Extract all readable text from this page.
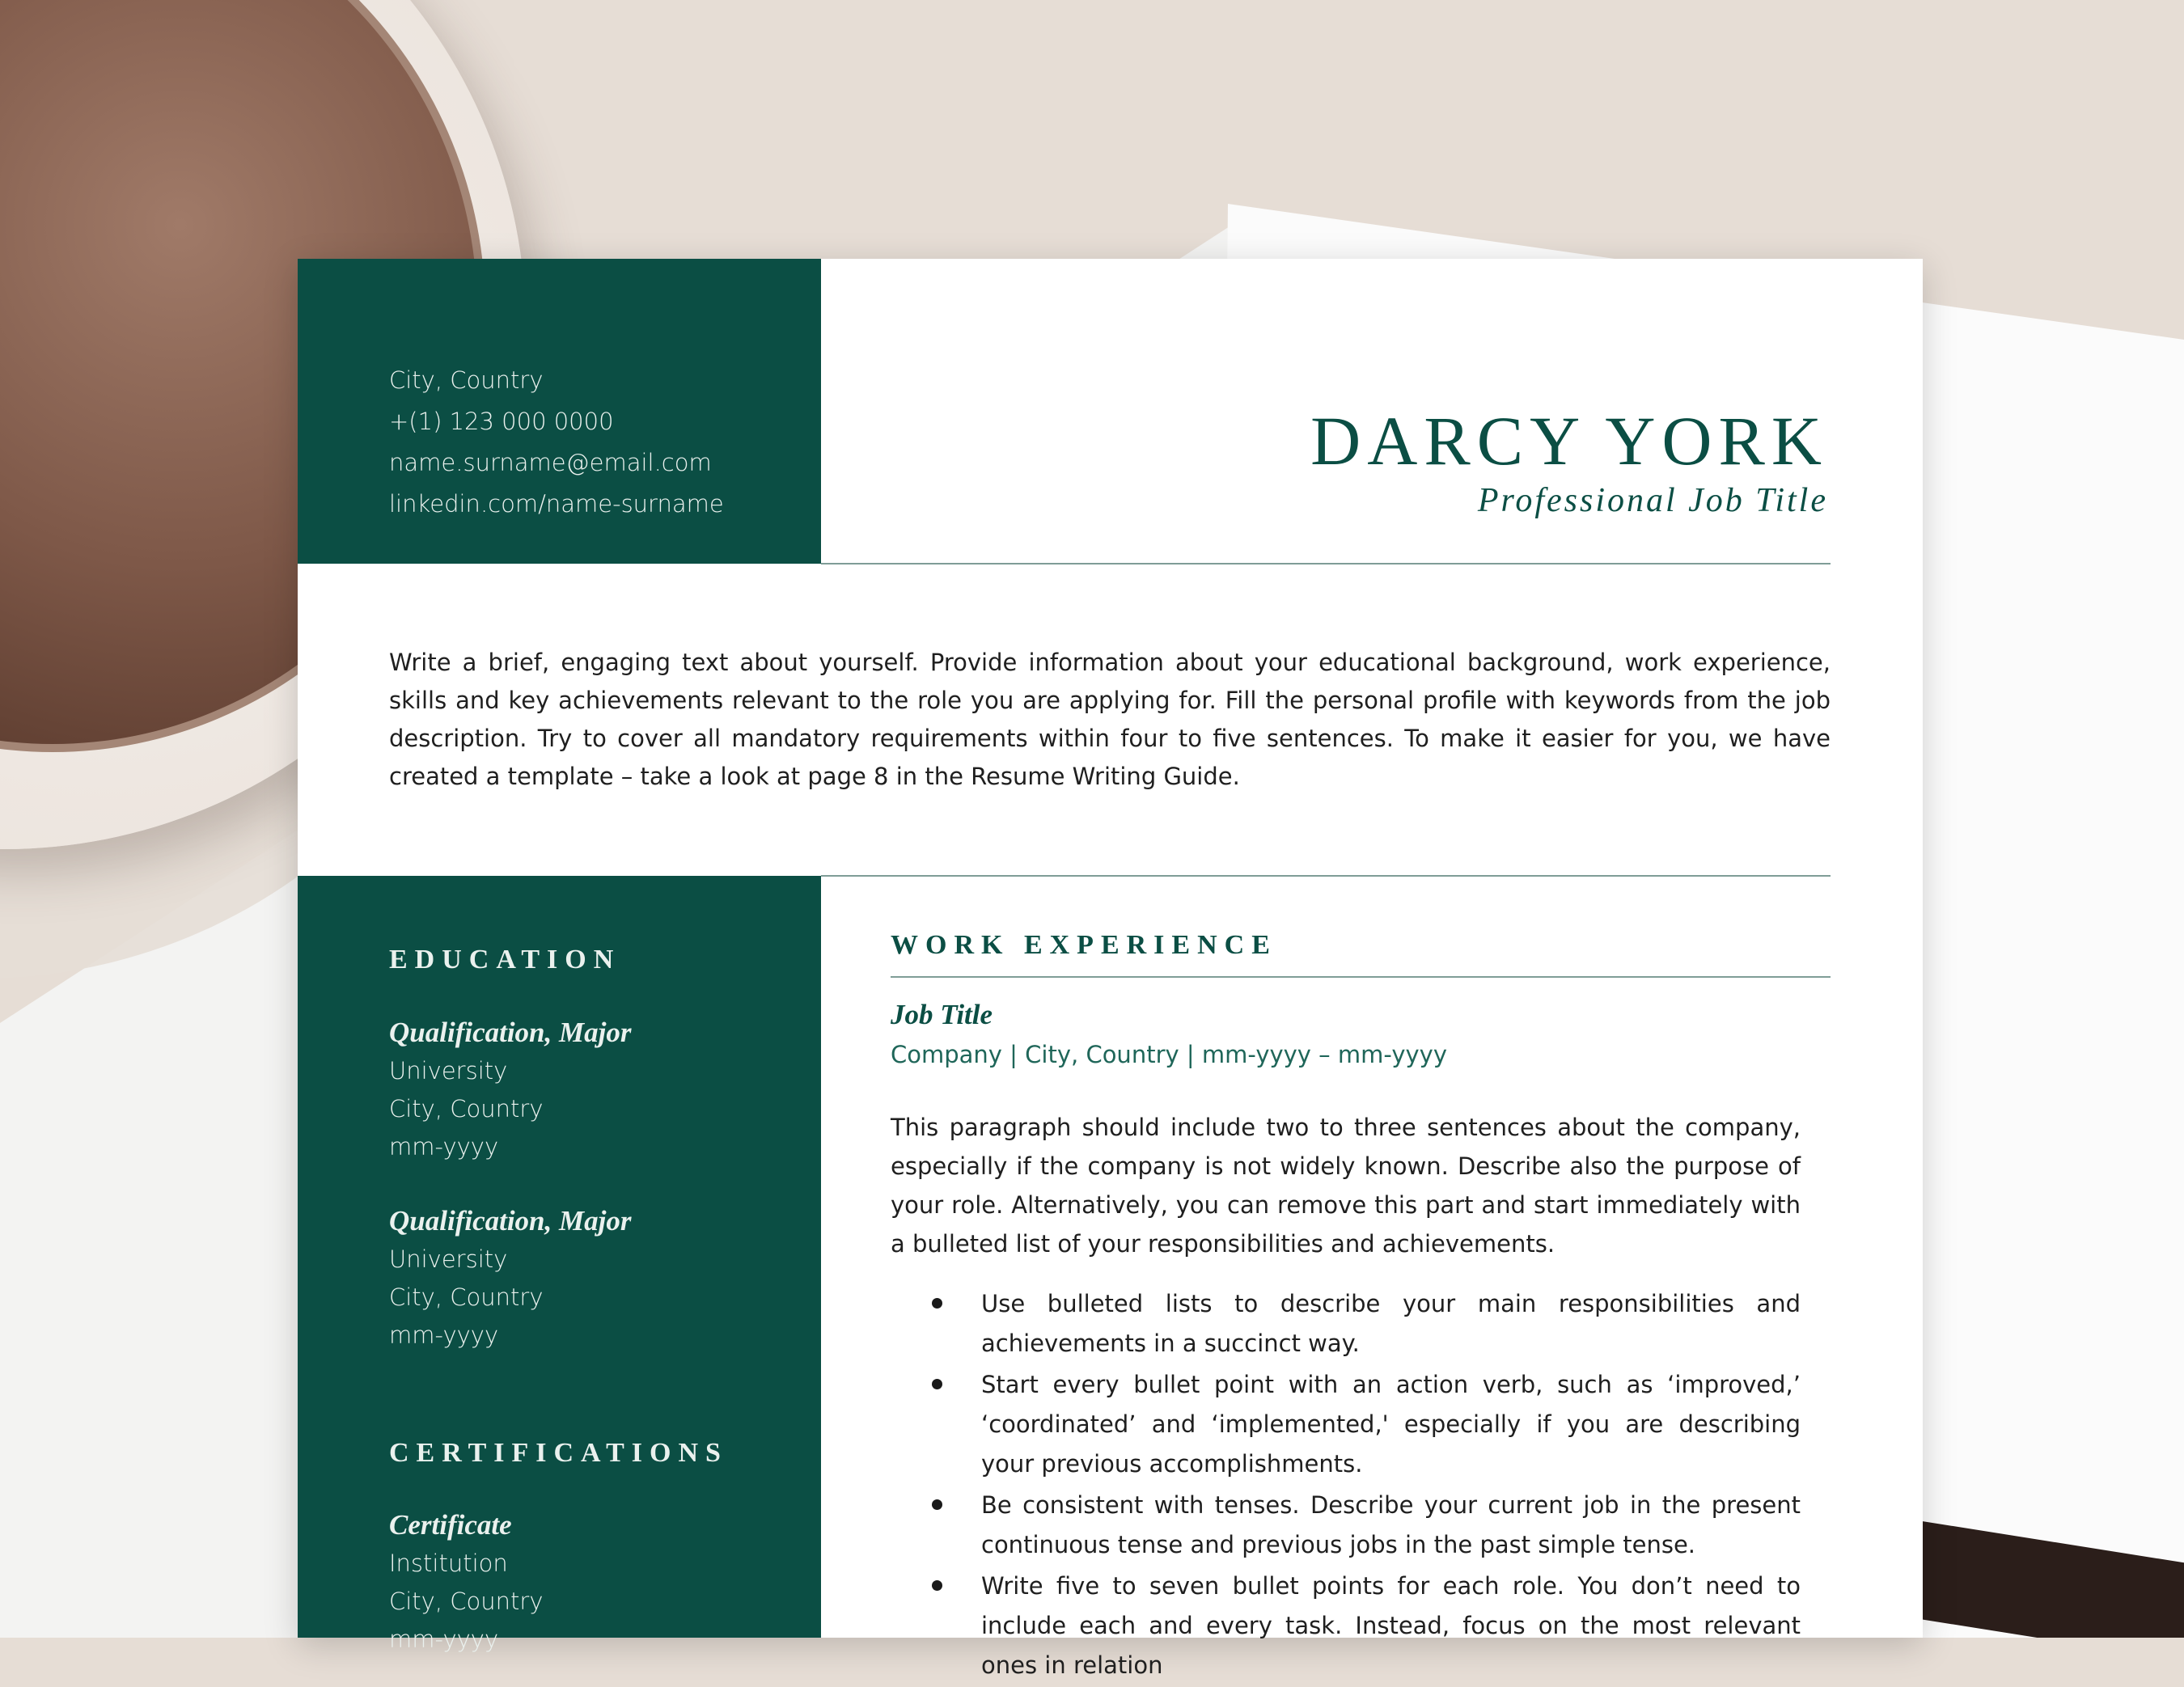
City, Country
+(1) 123 000 0000
name.surname@email.com
linkedin.com/name-surname
DARCY YORK
Professional Job Title

Write a brief, engaging text about yourself. Provide information about your educational background, work experience, skills and key achievements relevant to the role you are applying for. Fill the personal profile with keywords from the job description. Try to cover all mandatory requirements within four to five sentences. To make it easier for you, we have created a template – take a look at page 8 in the Resume Writing Guide.

EDUCATION
Qualification, Major
University
City, Country
mm-yyyy
Qualification, Major
University
City, Country
mm-yyyy
CERTIFICATIONS
Certificate
Institution
City, Country
mm-yyyy
WORK EXPERIENCE
Job Title
Company | City, Country | mm-yyyy – mm-yyyy

This paragraph should include two to three sentences about the company, especially if the company is not widely known. Describe also the purpose of your role. Alternatively, you can remove this part and start immediately with a bulleted list of your responsibilities and achievements.

Use bulleted lists to describe your main responsibilities and achievements in a succinct way.
Start every bullet point with an action verb, such as ‘improved,’ ‘coordinated’ and ‘implemented,' especially if you are describing your previous accomplishments.
Be consistent with tenses. Describe your current job in the present continuous tense and previous jobs in the past simple tense.
Write five to seven bullet points for each role. You don’t need to include each and every task. Instead, focus on the most relevant ones in relation
